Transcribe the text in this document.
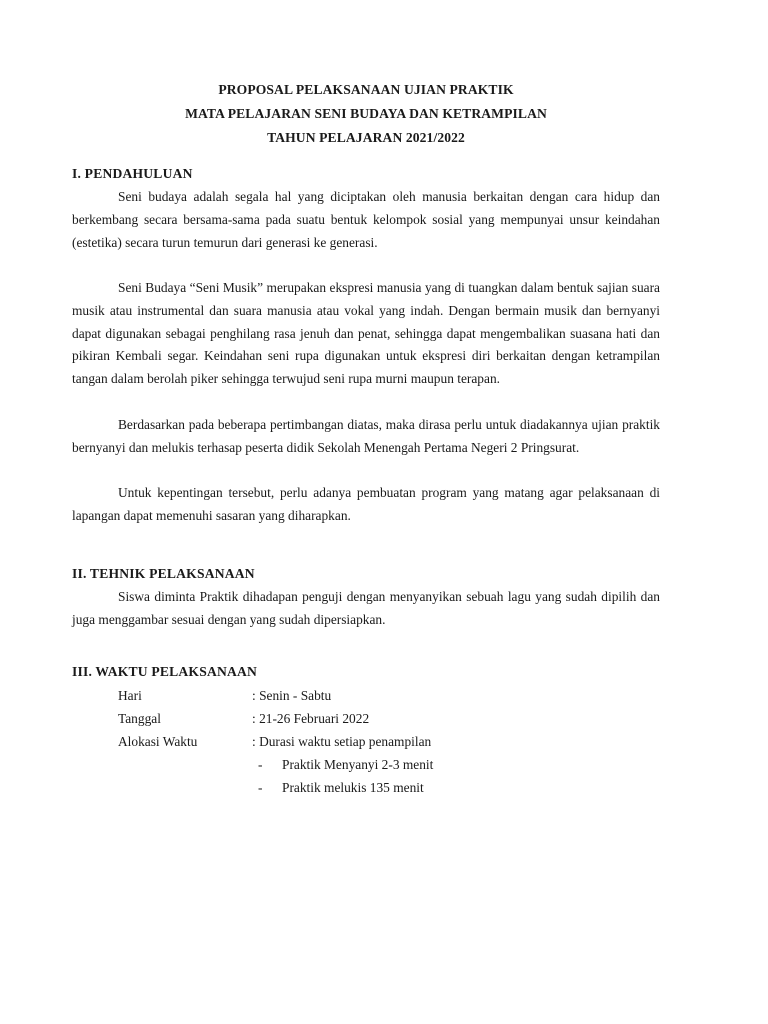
PROPOSAL PELAKSANAAN UJIAN PRAKTIK
MATA PELAJARAN SENI BUDAYA DAN KETRAMPILAN
TAHUN PELAJARAN 2021/2022
I. PENDAHULUAN
Seni budaya adalah segala hal yang diciptakan oleh manusia berkaitan dengan cara hidup dan berkembang secara bersama-sama pada suatu bentuk kelompok sosial yang mempunyai unsur keindahan (estetika) secara turun temurun dari generasi ke generasi.
Seni Budaya “Seni Musik” merupakan ekspresi manusia yang di tuangkan dalam bentuk sajian suara musik atau instrumental dan suara manusia atau vokal yang indah. Dengan bermain musik dan bernyanyi dapat digunakan sebagai penghilang rasa jenuh dan penat, sehingga dapat mengembalikan suasana hati dan pikiran Kembali segar. Keindahan seni rupa digunakan untuk ekspresi diri berkaitan dengan ketrampilan tangan dalam berolah piker sehingga terwujud seni rupa murni maupun terapan.
Berdasarkan pada beberapa pertimbangan diatas, maka dirasa perlu untuk diadakannya ujian praktik bernyanyi dan melukis terhasap peserta didik Sekolah Menengah Pertama Negeri 2 Pringsurat.
Untuk kepentingan tersebut, perlu adanya pembuatan program yang matang agar pelaksanaan di lapangan dapat memenuhi sasaran yang diharapkan.
II. TEHNIK PELAKSANAAN
Siswa diminta Praktik dihadapan penguji dengan menyanyikan sebuah lagu yang sudah dipilih dan juga menggambar sesuai dengan yang sudah dipersiapkan.
III. WAKTU PELAKSANAAN
Hari	: Senin - Sabtu
Tanggal	: 21-26 Februari 2022
Alokasi Waktu	: Durasi waktu setiap penampilan
- Praktik Menyanyi 2-3 menit
- Praktik melukis 135 menit
